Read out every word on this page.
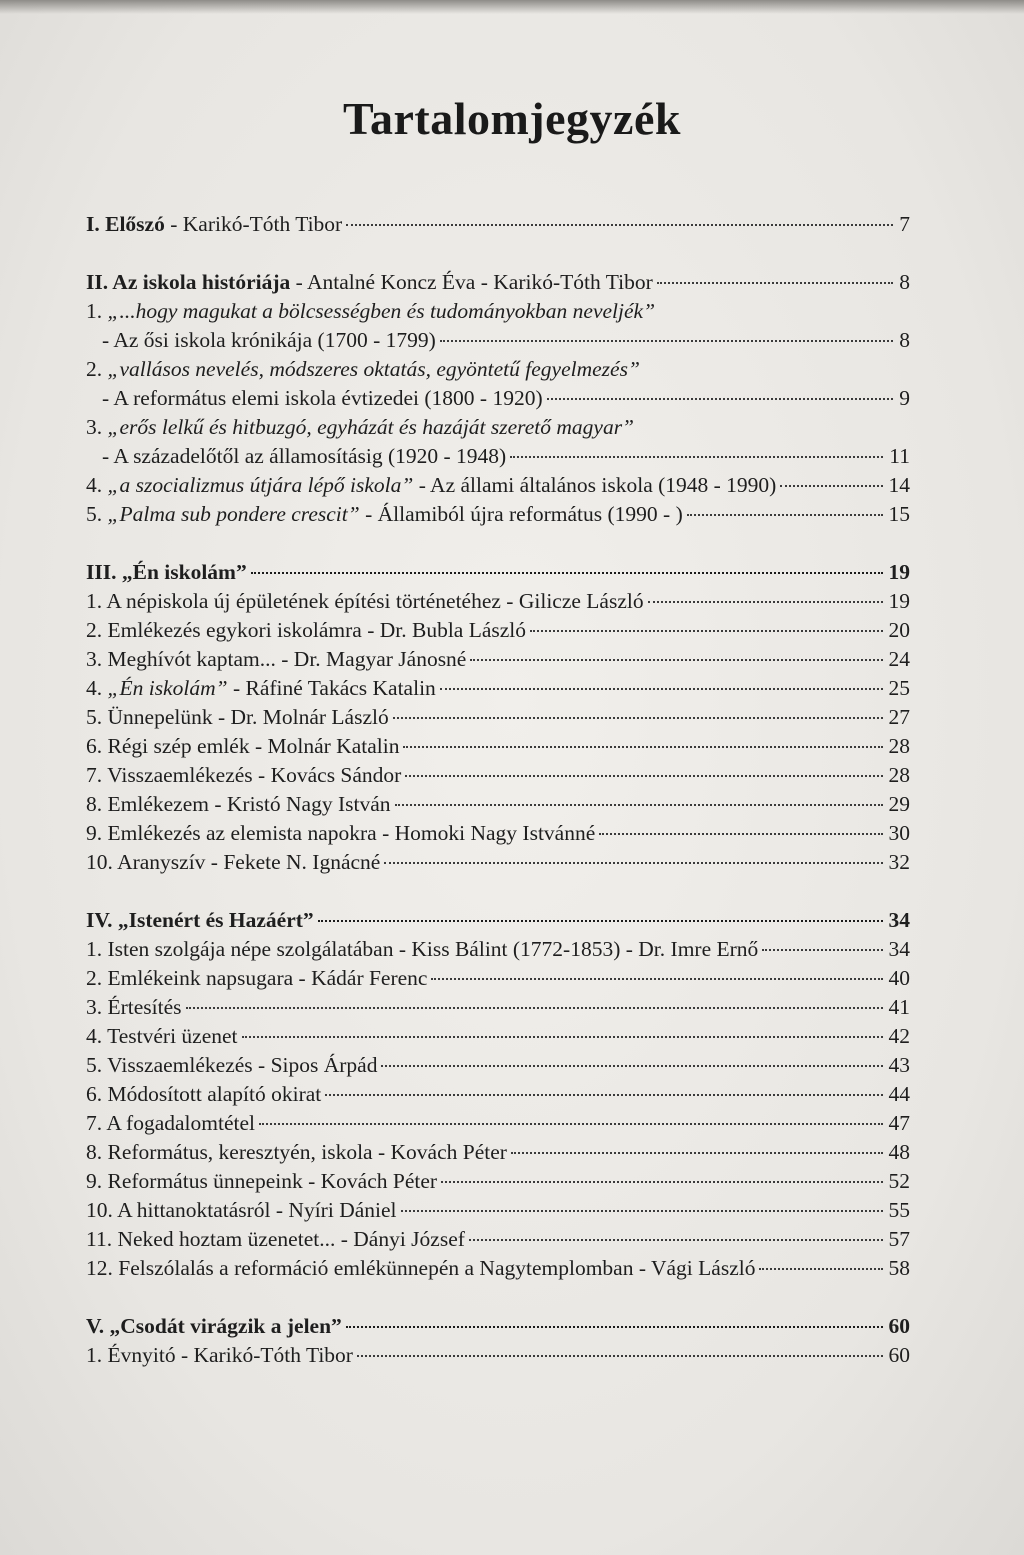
Tartalomjegyzék
I. Előszó - Karikó-Tóth Tibor	7
II. Az iskola históriája - Antalné Koncz Éva - Karikó-Tóth Tibor	8
1. „...hogy magukat a bölcsességben és tudományokban neveljék”
- Az ősi iskola krónikája (1700 - 1799)	8
2. „vallásos nevelés, módszeres oktatás, egyöntetű fegyelmezés”
- A református elemi iskola évtizedei (1800 - 1920)	9
3. „erős lelkű és hitbuzgó, egyházát és hazáját szerető magyar”
- A századelőtől az államosításig (1920 - 1948)	11
4. „a szocializmus útjára lépő iskola” - Az állami általános iskola (1948 - 1990)	14
5. „Palma sub pondere crescit” - Államiból újra református (1990 - )	15
III. „Én iskolám”	19
1. A népiskola új épületének építési történetéhez - Gilicze László	19
2. Emlékezés egykori iskolámra - Dr. Bubla László	20
3. Meghívót kaptam... - Dr. Magyar Jánosné	24
4. „Én iskolám” - Ráfiné Takács Katalin	25
5. Ünnepelünk - Dr. Molnár László	27
6. Régi szép emlék - Molnár Katalin	28
7. Visszaemlékezés - Kovács Sándor	28
8. Emlékezem - Kristó Nagy István	29
9. Emlékezés az elemista napokra - Homoki Nagy Istvánné	30
10. Aranyszív - Fekete N. Ignácné	32
IV. „Istenért és Hazáért”	34
1. Isten szolgája népe szolgálatában - Kiss Bálint (1772-1853) - Dr. Imre Ernő	34
2. Emlékeink napsugara - Kádár Ferenc	40
3. Értesítés	41
4. Testvéri üzenet	42
5. Visszaemlékezés - Sipos Árpád	43
6. Módosított alapító okirat	44
7. A fogadalomtétel	47
8. Református, keresztyén, iskola - Kovách Péter	48
9. Református ünnepeink - Kovách Péter	52
10. A hittanoktatásról - Nyíri Dániel	55
11. Neked hoztam üzenetet... - Dányi József	57
12. Felszólalás a reformáció emlékünnepén a Nagytemplomban - Vági László	58
V. „Csodát virágzik a jelen”	60
1. Évnyitó - Karikó-Tóth Tibor	60
